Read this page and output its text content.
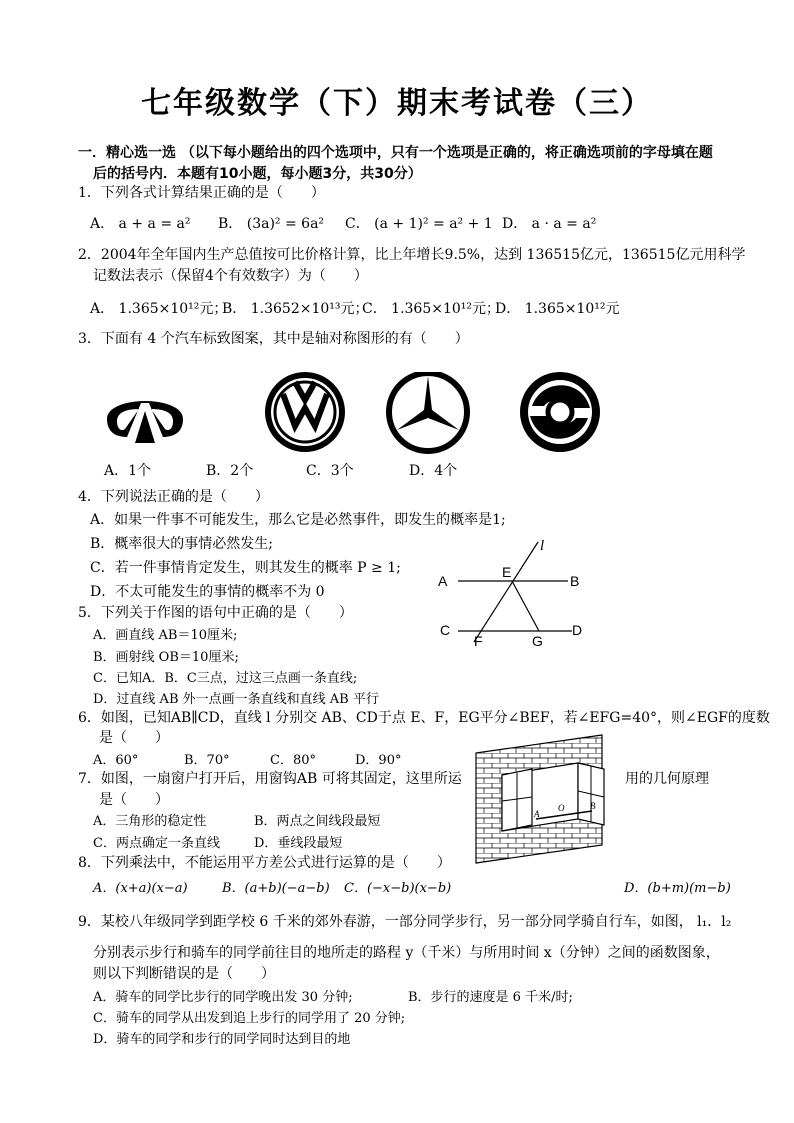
七年级数学（下）期末考试卷（三）
一．精心选一选 （以下每小题给出的四个选项中，只有一个选项是正确的，将正确选项前的字母填在题
后的括号内．本题有10小题，每小题3分，共30分）
1．下列各式计算结果正确的是（　　）
A． a + a = a² B． (3a)² = 6a² C． (a + 1)² = a² + 1 D． a · a = a²
2．2004年全年国内生产总值按可比价格计算，比上年增长9.5%，达到 136515亿元，136515亿元用科学
记数法表示（保留4个有效数字）为（　　）
A． 1.365×10¹²元；
B． 1.3652×10¹³元；
C． 1.365×10¹²元；
D． 1.365×10¹²元
3．下面有 4 个汽车标致图案，其中是轴对称图形的有（　　）
A．1个	B．2个	C．3个	D．4个
4．下列说法正确的是（　　）
A．如果一件事不可能发生，那么它是必然事件，即发生的概率是1;
B．概率很大的事情必然发生;
C．若一件事情肯定发生，则其发生的概率 P ≥ 1;
D．不太可能发生的事情的概率不为 0
A	B
E
C	D
F	G
l
5．下列关于作图的语句中正确的是（　　）
A．画直线 AB＝10厘米;
B．画射线 OB＝10厘米;
C．已知A．B．C三点，过这三点画一条直线;
D．过直线 AB 外一点画一条直线和直线 AB 平行
6．如图，已知AB∥CD，直线 l 分别交 AB、CD于点 E、F，EG平分∠BEF，若∠EFG=40°，则∠EGF的度数
是（　　）
A．60°	B．70°	C．80°	D．90°
A
O	B
7．如图，一扇窗户打开后，用窗钩AB 可将其固定，这里所运	用的几何原理
是（　　）
A．三角形的稳定性	B．两点之间线段最短
C．两点确定一条直线	D．垂线段最短
8．下列乘法中，不能运用平方差公式进行运算的是（　　）
A．(x+a)(x−a)	B．(a+b)(−a−b) C．(−x−b)(x−b)	D．(b+m)(m−b)
9．某校八年级同学到距学校 6 千米的郊外春游，一部分同学步行，另一部分同学骑自行车，如图， l₁．l₂
分别表示步行和骑车的同学前往目的地所走的路程 y（千米）与所用时间 x（分钟）之间的函数图象，
则以下判断错误的是（　　）
A．骑车的同学比步行的同学晚出发 30 分钟;	B．步行的速度是 6 千米/时;
C．骑车的同学从出发到追上步行的同学用了 20 分钟;
D．骑车的同学和步行的同学同时达到目的地
